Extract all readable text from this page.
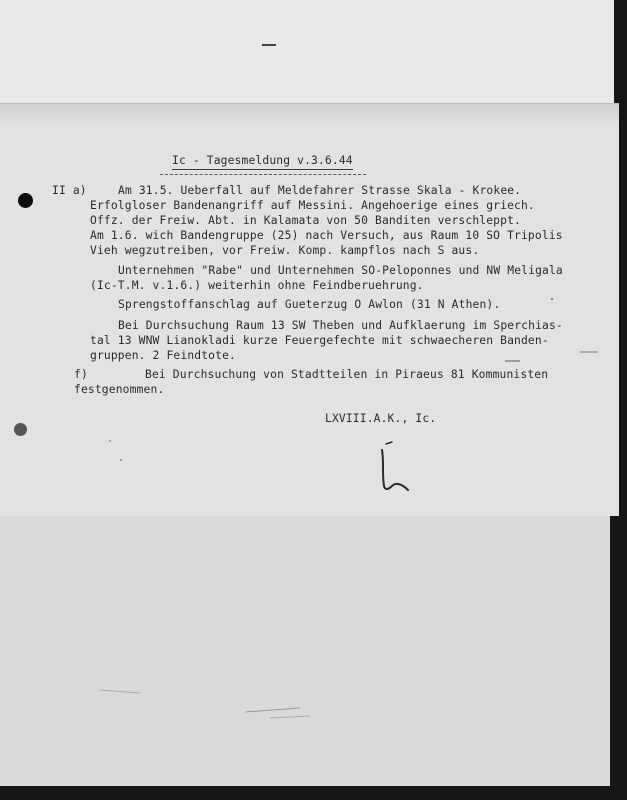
Ic - Tagesmeldung v.3.6.44
II a)	Am 31.5. Ueberfall auf Meldefahrer Strasse Skala - Krokee.
Erfolgloser Bandenangriff auf Messini. Angehoerige eines griech.
Offz. der Freiw. Abt. in Kalamata von 50 Banditen verschleppt.
Am 1.6. wich Bandengruppe (25) nach Versuch, aus Raum 10 SO Tripolis
Vieh wegzutreiben, vor Freiw. Komp. kampflos nach S aus.
Unternehmen "Rabe" und Unternehmen SO-Peloponnes und NW Meligala
(Ic-T.M. v.1.6.) weiterhin ohne Feindberuehrung.
Sprengstoffanschlag auf Gueterzug O Awlon (31 N Athen).
Bei Durchsuchung Raum 13 SW Theben und Aufklaerung im Sperchias-
tal 13 WNW Lianokladi kurze Feuergefechte mit schwaecheren Banden-
gruppen. 2 Feindtote.
f)	Bei Durchsuchung von Stadtteilen in Piraeus 81 Kommunisten
festgenommen.
LXVIII.A.K., Ic.
